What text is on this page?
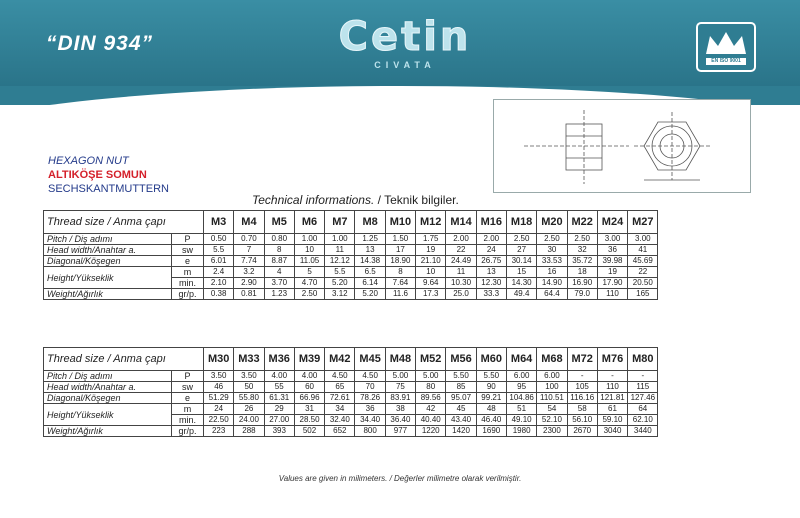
“DIN 934”	Cetin
CIVATA	EN ISO 9001
HEXAGON NUT
ALTIKÖŞE SOMUN
SECHSKANTMUTTERN
Technical informations. / Teknik bilgiler.
Thread size / Anma çapı		M3	M4	M5	M6	M7	M8	M10	M12	M14	M16	M18	M20	M22	M24	M27
Pitch / Diş adımı	P	0.50	0.70	0.80	1.00	1.00	1.25	1.50	1.75	2.00	2.00	2.50	2.50	2.50	3.00	3.00
Head width/Anahtar a.	sw	5.5	7	8	10	11	13	17	19	22	24	27	30	32	36	41
Diagonal/Köşegen	e	6.01	7.74	8.87	11.05	12.12	14.38	18.90	21.10	24.49	26.75	30.14	33.53	35.72	39.98	45.69
Height/Yükseklik	m	2.4	3.2	4	5	5.5	6.5	8	10	11	13	15	16	18	19	22
	min.	2.10	2.90	3.70	4.70	5.20	6.14	7.64	9.64	10.30	12.30	14.30	14.90	16.90	17.90	20.50
Weight/Ağırlık	gr/p.	0.38	0.81	1.23	2.50	3.12	5.20	11.6	17.3	25.0	33.3	49.4	64.4	79.0	110	165
Thread size / Anma çapı		M30	M33	M36	M39	M42	M45	M48	M52	M56	M60	M64	M68	M72	M76	M80
Pitch / Diş adımı	P	3.50	3.50	4.00	4.00	4.50	4.50	5.00	5.00	5.50	5.50	6.00	6.00	-	-	-
Head width/Anahtar a.	sw	46	50	55	60	65	70	75	80	85	90	95	100	105	110	115
Diagonal/Köşegen	e	51.29	55.80	61.31	66.96	72.61	78.26	83.91	89.56	95.07	99.21	104.86	110.51	116.16	121.81	127.46
Height/Yükseklik	m	24	26	29	31	34	36	38	42	45	48	51	54	58	61	64
	min.	22.50	24.00	27.00	28.50	32.40	34.40	36.40	40.40	43.40	46.40	49.10	52.10	56.10	59.10	62.10
Weight/Ağırlık	gr/p.	223	288	393	502	652	800	977	1220	1420	1690	1980	2300	2670	3040	3440
Values are given in milimeters. / Değerler milimetre olarak verilmiştir.
